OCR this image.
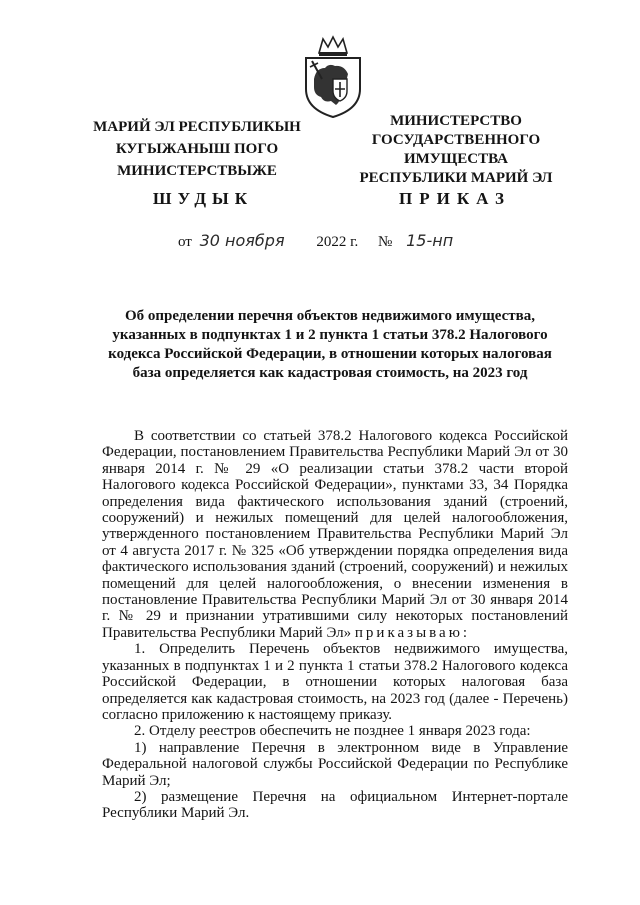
МАРИЙ ЭЛ РЕСПУБЛИКЫН
КУГЫЖАНЫШ ПОГО
МИНИСТЕРСТВЫЖЕ
МИНИСТЕРСТВО
ГОСУДАРСТВЕННОГО
ИМУЩЕСТВА
РЕСПУБЛИКИ МАРИЙ ЭЛ
ШУДЫК	ПРИКАЗ
от 30 ноября 2022 г. № 15-нп
Об определении перечня объектов недвижимого имущества, указанных в подпунктах 1 и 2 пункта 1 статьи 378.2 Налогового кодекса Российской Федерации, в отношении которых налоговая база определяется как кадастровая стоимость, на 2023 год

В соответствии со статьей 378.2 Налогового кодекса Российской Федерации, постановлением Правительства Республики Марий Эл от 30 января 2014 г. № 29 «О реализации статьи 378.2 части второй Налогового кодекса Российской Федерации», пунктами 33, 34 Порядка определения вида фактического использования зданий (строений, сооружений) и нежилых помещений для целей налогообложения, утвержденного постановлением Правительства Республики Марий Эл от 4 августа 2017 г. № 325 «Об утверждении порядка определения вида фактического использования зданий (строений, сооружений) и нежилых помещений для целей налогообложения, о внесении изменения в постановление Правительства Республики Марий Эл от 30 января 2014 г. № 29 и признании утратившими силу некоторых постановлений Правительства Республики Марий Эл» приказываю:

1. Определить Перечень объектов недвижимого имущества, указанных в подпунктах 1 и 2 пункта 1 статьи 378.2 Налогового кодекса Российской Федерации, в отношении которых налоговая база определяется как кадастровая стоимость, на 2023 год (далее - Перечень) согласно приложению к настоящему приказу.

2. Отделу реестров обеспечить не позднее 1 января 2023 года:

1) направление Перечня в электронном виде в Управление Федеральной налоговой службы Российской Федерации по Республике Марий Эл;

2) размещение Перечня на официальном Интернет-портале Республики Марий Эл.
